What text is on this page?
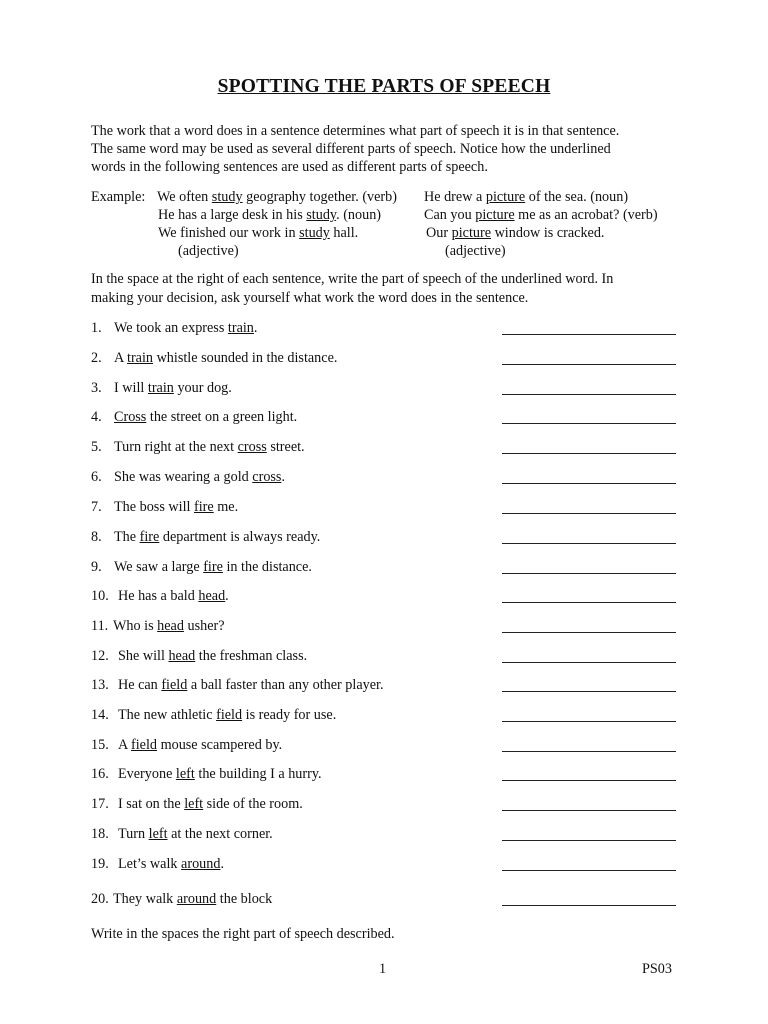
SPOTTING THE PARTS OF SPEECH
The work that a word does in a sentence determines what part of speech it is in that sentence.
The same word may be used as several different parts of speech. Notice how the underlined
words in the following sentences are used as different parts of speech.
Example: We often study geography together. (verb)
He has a large desk in his study. (noun)
We finished our work in study hall.
(adjective)
He drew a picture of the sea. (noun)
Can you picture me as an acrobat? (verb)
Our picture window is cracked.
(adjective)
In the space at the right of each sentence, write the part of speech of the underlined word. In
making your decision, ask yourself what work the word does in the sentence.
1. We took an express train.
2. A train whistle sounded in the distance.
3. I will train your dog.
4. Cross the street on a green light.
5. Turn right at the next cross street.
6. She was wearing a gold cross.
7. The boss will fire me.
8. The fire department is always ready.
9. We saw a large fire in the distance.
10. He has a bald head.
11. Who is head usher?
12. She will head the freshman class.
13. He can field a ball faster than any other player.
14. The new athletic field is ready for use.
15. A field mouse scampered by.
16. Everyone left the building I a hurry.
17. I sat on the left side of the room.
18. Turn left at the next corner.
19. Let’s walk around.
20. They walk around the block
Write in the spaces the right part of speech described.
1	PS03
